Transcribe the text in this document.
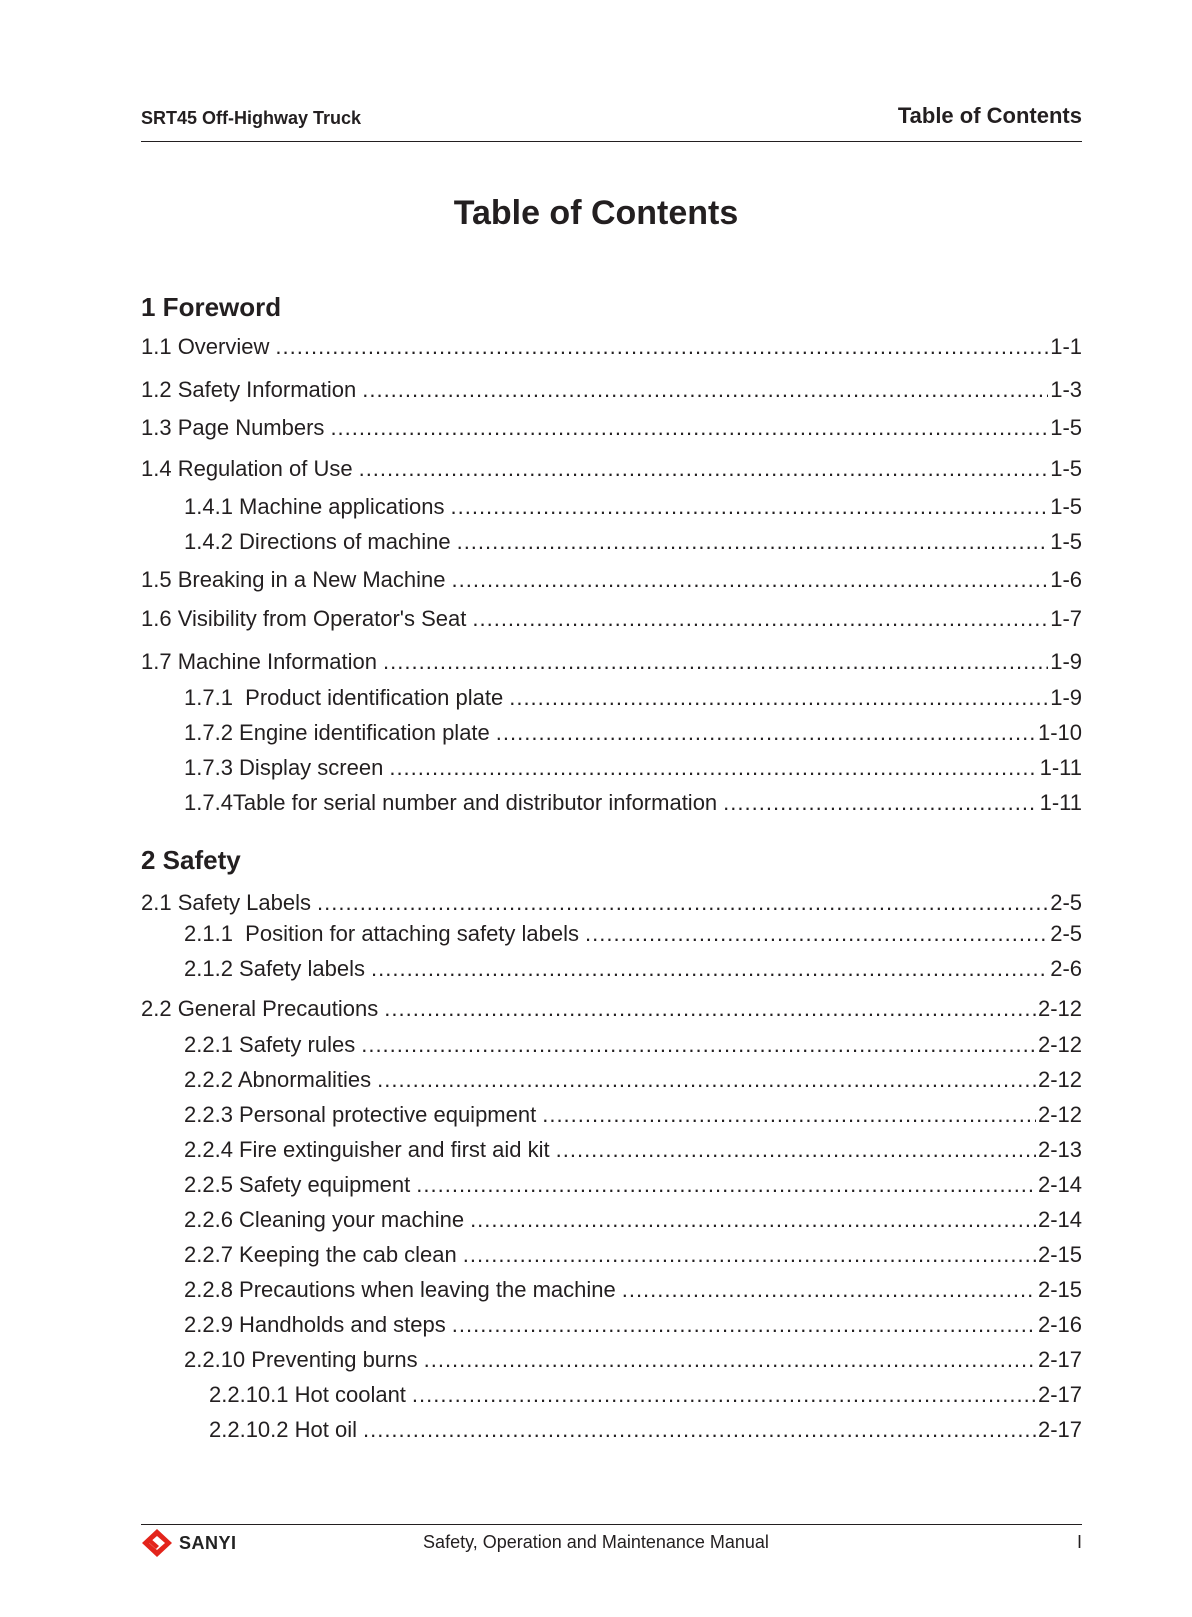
SRT45 Off-Highway Truck	Table of Contents
Table of Contents
1 Foreword
1.1 Overview .....	1-1
1.2 Safety Information .....	1-3
1.3 Page Numbers .....	1-5
1.4 Regulation of Use .....	1-5
1.4.1 Machine applications .....	1-5
1.4.2 Directions of machine .....	1-5
1.5 Breaking in a New Machine .....	1-6
1.6 Visibility from Operator's Seat .....	1-7
1.7 Machine Information .....	1-9
1.7.1  Product identification plate .....	1-9
1.7.2 Engine identification plate .....	1-10
1.7.3 Display screen .....	1-11
1.7.4Table for serial number and distributor information .....	1-11
2 Safety
2.1 Safety Labels .....	2-5
2.1.1  Position for attaching safety labels .....	2-5
2.1.2 Safety labels .....	2-6
2.2 General Precautions .....	2-12
2.2.1 Safety rules .....	2-12
2.2.2 Abnormalities .....	2-12
2.2.3 Personal protective equipment .....	2-12
2.2.4 Fire extinguisher and first aid kit .....	2-13
2.2.5 Safety equipment .....	2-14
2.2.6 Cleaning your machine .....	2-14
2.2.7 Keeping the cab clean .....	2-15
2.2.8 Precautions when leaving the machine .....	2-15
2.2.9 Handholds and steps .....	2-16
2.2.10 Preventing burns .....	2-17
2.2.10.1 Hot coolant .....	2-17
2.2.10.2 Hot oil .....	2-17
SANYI	Safety, Operation and Maintenance Manual	I
